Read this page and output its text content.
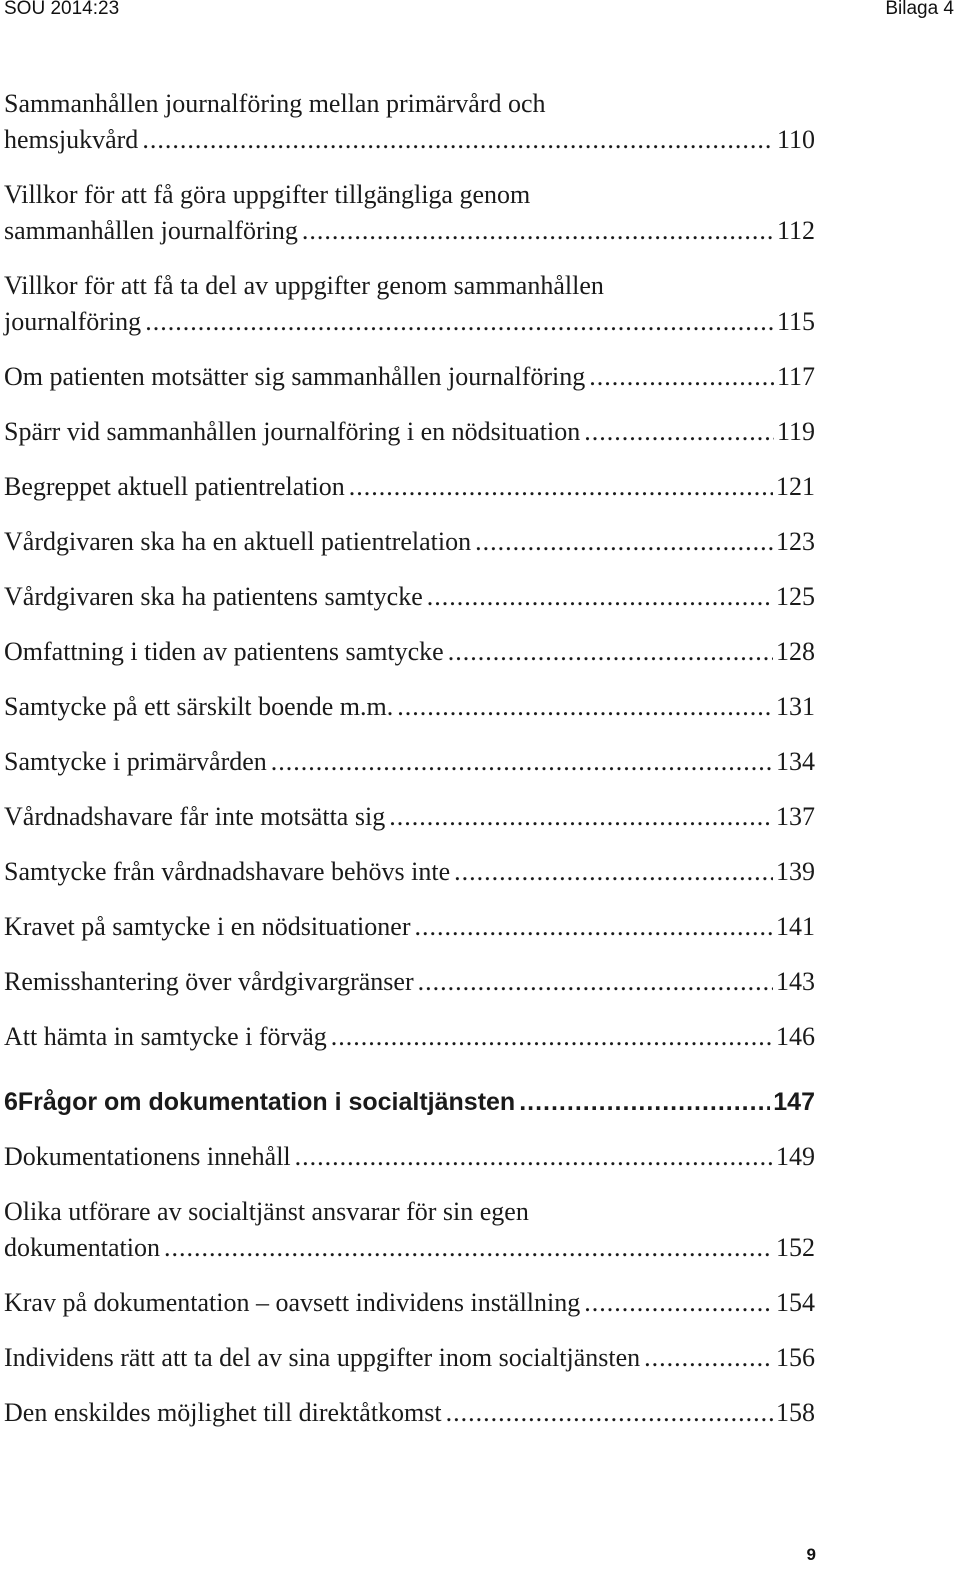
SOU 2014:23	Bilaga 4
Sammanhållen journalföring mellan primärvård och
hemsjukvård .....	110
Villkor för att få göra uppgifter tillgängliga genom
sammanhållen journalföring .....	112
Villkor för att få ta del av uppgifter genom sammanhållen
journalföring .....	115
Om patienten motsätter sig sammanhållen journalföring .....	117
Spärr vid sammanhållen journalföring i en nödsituation .....	119
Begreppet aktuell patientrelation .....	121
Vårdgivaren ska ha en aktuell patientrelation .....	123
Vårdgivaren ska ha patientens samtycke .....	125
Omfattning i tiden av patientens samtycke .....	128
Samtycke på ett särskilt boende m.m. .....	131
Samtycke i primärvården .....	134
Vårdnadshavare får inte motsätta sig .....	137
Samtycke från vårdnadshavare behövs inte .....	139
Kravet på samtycke i en nödsituationer .....	141
Remisshantering över vårdgivargränser .....	143
Att hämta in samtycke i förväg .....	146
6 Frågor om dokumentation i socialtjänsten .....	147
Dokumentationens innehåll .....	149
Olika utförare av socialtjänst ansvarar för sin egen
dokumentation .....	152
Krav på dokumentation – oavsett individens inställning .....	154
Individens rätt att ta del av sina uppgifter inom socialtjänsten .....	156
Den enskildes möjlighet till direktåtkomst .....	158
9
